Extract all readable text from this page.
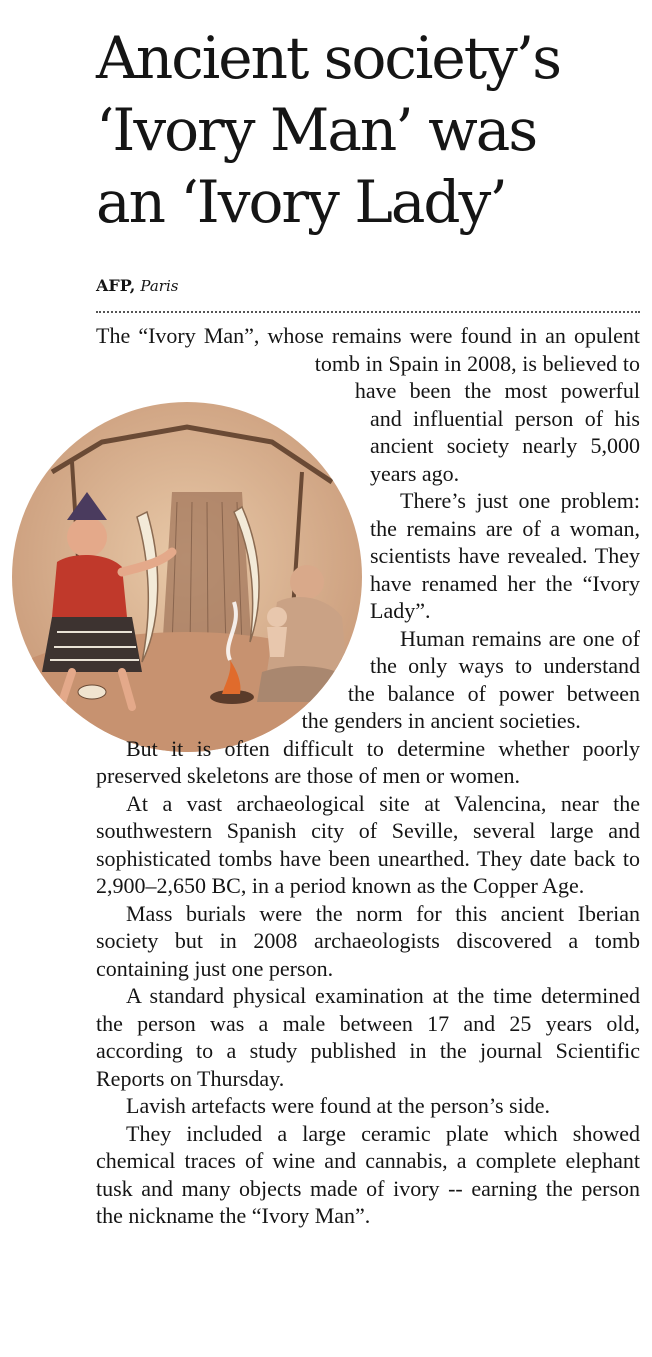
Ancient society’s
‘Ivory Man’ was
an ‘Ivory Lady’
AFP, Paris

The “Ivory Man”, whose remains were found in an opulent tomb in Spain in 2008, is believed to have been the most powerful and influential person of his ancient society nearly 5,000 years ago.

There’s just one problem: the remains are of a woman, scientists have revealed. They have renamed her the “Ivory Lady”.

Human remains are one of the only ways to understand the balance of power between the genders in ancient societies.

But it is often difficult to determine whether poorly preserved skeletons are those of men or women.

At a vast archaeological site at Valencina, near the southwestern Spanish city of Seville, several large and sophisticated tombs have been unearthed. They date back to 2,900–2,650 BC, in a period known as the Copper Age.

Mass burials were the norm for this ancient Iberian society but in 2008 archaeologists discovered a tomb containing just one person.

A standard physical examination at the time determined the person was a male between 17 and 25 years old, according to a study published in the journal Scientific Reports on Thursday.

Lavish artefacts were found at the person’s side.

They included a large ceramic plate which showed chemical traces of wine and cannabis, a complete elephant tusk and many objects made of ivory -- earning the person the nickname the “Ivory Man”.
